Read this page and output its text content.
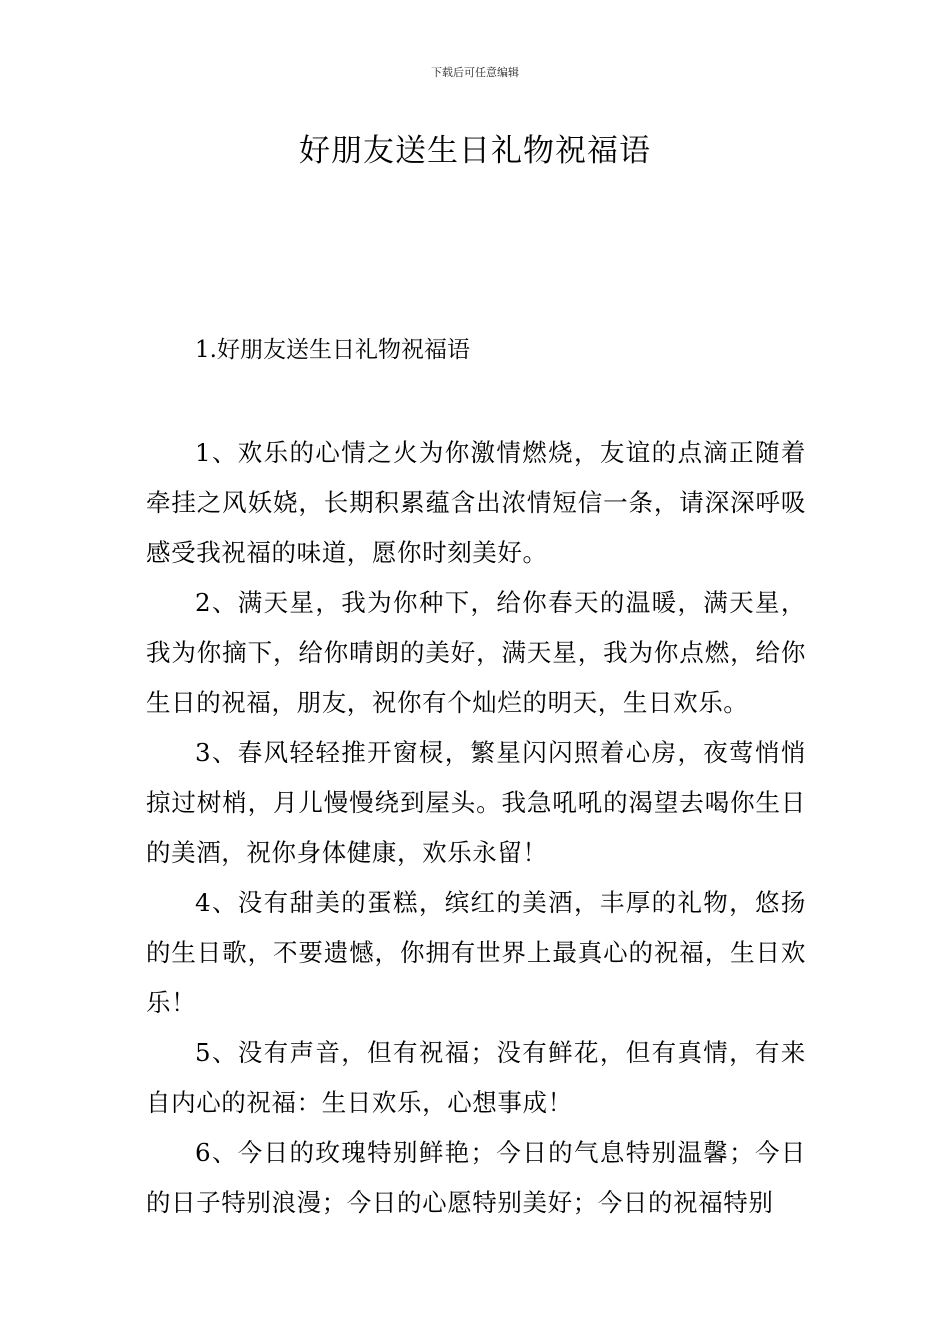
下载后可任意编辑
好朋友送生日礼物祝福语
1.好朋友送生日礼物祝福语

1、欢乐的心情之火为你激情燃烧，友谊的点滴正随着牵挂之风妖娆，长期积累蕴含出浓情短信一条，请深深呼吸感受我祝福的味道，愿你时刻美好。

2、满天星，我为你种下，给你春天的温暖，满天星，我为你摘下，给你晴朗的美好，满天星，我为你点燃，给你生日的祝福，朋友，祝你有个灿烂的明天，生日欢乐。

3、春风轻轻推开窗棂，繁星闪闪照着心房，夜莺悄悄掠过树梢，月儿慢慢绕到屋头。我急吼吼的渴望去喝你生日的美酒，祝你身体健康，欢乐永留！

4、没有甜美的蛋糕，缤红的美酒，丰厚的礼物，悠扬的生日歌，不要遗憾，你拥有世界上最真心的祝福，生日欢乐！

5、没有声音，但有祝福；没有鲜花，但有真情，有来自内心的祝福：生日欢乐，心想事成！

6、今日的玫瑰特别鲜艳；今日的气息特别温馨；今日的日子特别浪漫；今日的心愿特别美好；今日的祝福特别
